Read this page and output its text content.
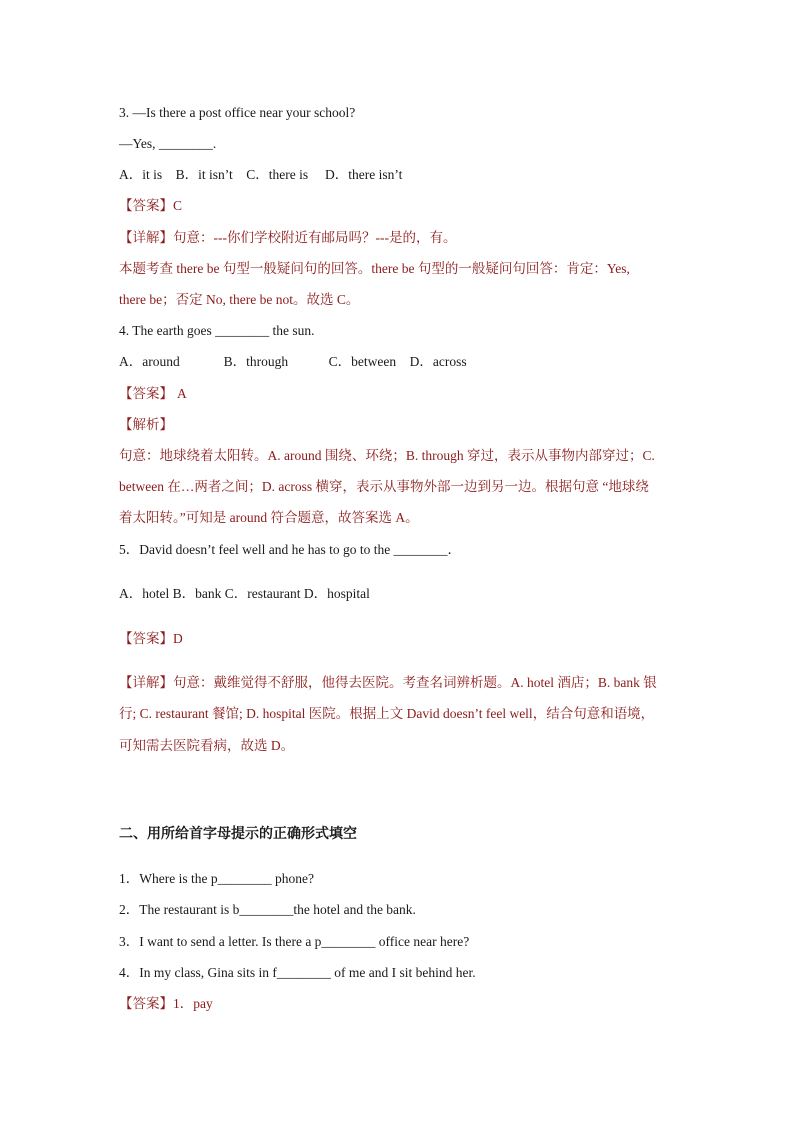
3. —Is there a post office near your school?
—Yes, ________.
A．it is　B．it isn’t　C．there is　 D．there isn’t
【答案】C
【详解】句意：---你们学校附近有邮局吗？---是的，有。
本题考查 there be 句型一般疑问句的回答。there be 句型的一般疑问句回答：肯定：Yes,
there be；否定 No, there be not。故选 C。
4. The earth goes ________ the sun.
A．around　　　 B．through　　　C．between　D．across
【答案】 A
【解析】
句意：地球绕着太阳转。A. around 围绕、环绕；B. through 穿过，表示从事物内部穿过；C.
between 在…两者之间；D. across 横穿，表示从事物外部一边到另一边。根据句意 “地球绕
着太阳转。”可知是 around 符合题意，故答案选 A。
5．David doesn’t feel well and he has to go to the ________．
A．hotel B．bank C．restaurant D．hospital
【答案】D
【详解】句意：戴维觉得不舒服，他得去医院。考查名词辨析题。A. hotel 酒店；B. bank 银
行; C. restaurant 餐馆; D. hospital 医院。根据上文 David doesn’t feel well，结合句意和语境，
可知需去医院看病，故选 D。
二、用所给首字母提示的正确形式填空
1．Where is the p________ phone?
2．The restaurant is b________the hotel and the bank.
3．I want to send a letter. Is there a p________ office near here?
4．In my class, Gina sits in f________ of me and I sit behind her.
【答案】1．pay
